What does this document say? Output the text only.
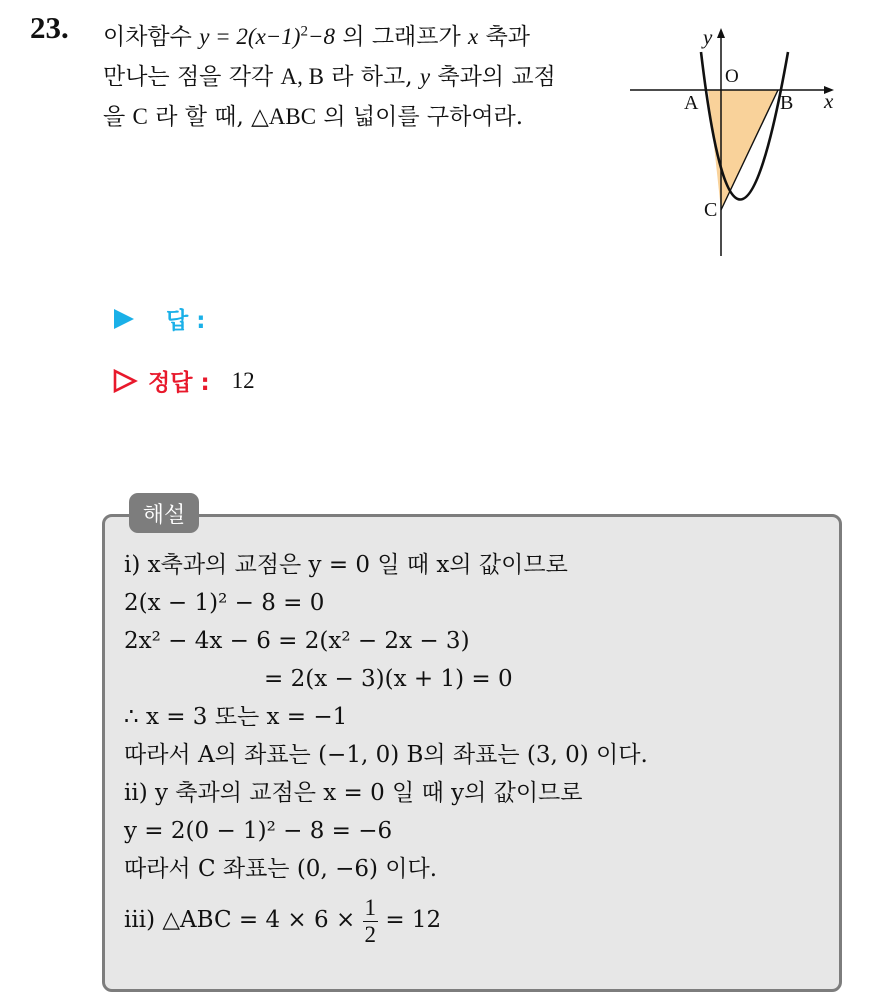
23. 이차함수 $y = 2(x-1)^2-8$ 의 그래프가 x 축과
만나는 점을 각각 A, B 라 하고, y 축과의 교점
을 C 라 할 때, △ABC 의 넓이를 구하여라.

y
x
O
A	B
C
답 :
정답 : 12
해설
ⅰ) x축과의 교점은 y = 0 일 때 x의 값이므로
2(x − 1)² − 8 = 0
2x² − 4x − 6 = 2(x² − 2x − 3)
= 2(x − 3)(x + 1) = 0
∴ x = 3 또는 x = −1
따라서 A의 좌표는 (−1, 0) B의 좌표는 (3, 0) 이다.
ⅱ) y 축과의 교점은 x = 0 일 때 y의 값이므로
y = 2(0 − 1)² − 8 = −6
따라서 C 좌표는 (0, −6) 이다.
ⅲ) △ABC = $4 \times 6 \times \frac{1}{2} = 12$
